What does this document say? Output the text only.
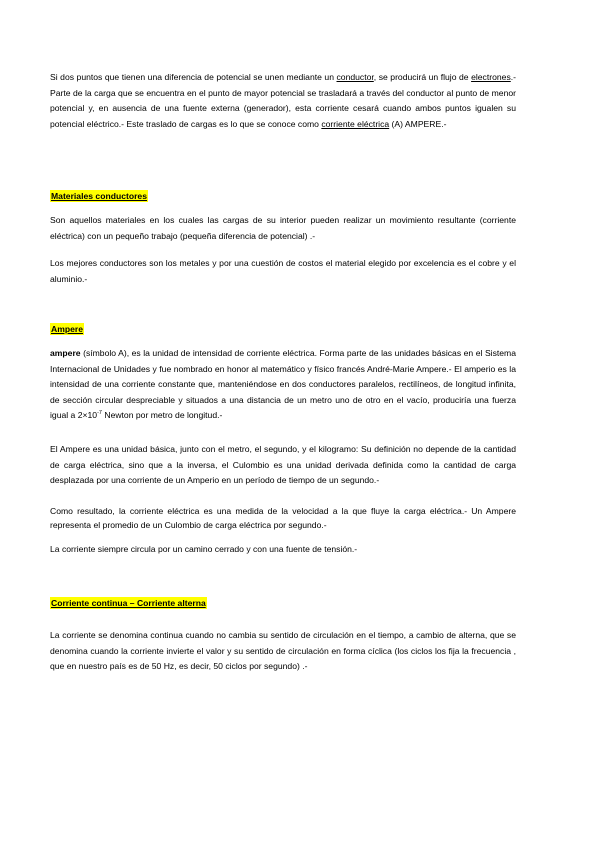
Si dos puntos que tienen una diferencia de potencial se unen mediante un conductor, se producirá un flujo de electrones.- Parte de la carga que se encuentra en el punto de mayor potencial se trasladará a través del conductor al punto de menor potencial y, en ausencia de una fuente externa (generador), esta corriente cesará cuando ambos puntos igualen su potencial eléctrico.- Este traslado de cargas es lo que se conoce como corriente eléctrica (A) AMPERE.-

Materiales conductores

Son aquellos materiales en los cuales las cargas de su interior pueden realizar un movimiento resultante (corriente eléctrica) con un pequeño trabajo (pequeña diferencia de potencial) .-

Los mejores conductores son los metales y por una cuestión de costos el material elegido por excelencia es el cobre y el aluminio.-

Ampere

ampere (símbolo A), es la unidad de intensidad de corriente eléctrica. Forma parte de las unidades básicas en el Sistema Internacional de Unidades y fue nombrado en honor al matemático y físico francés André-Marie Ampere.- El amperio es la intensidad de una corriente constante que, manteniéndose en dos conductores paralelos, rectilíneos, de longitud infinita, de sección circular despreciable y situados a una distancia de un metro uno de otro en el vacío, produciría una fuerza igual a $2\times 10^{-7}$ Newton por metro de longitud.-

El Ampere es una unidad básica, junto con el metro, el segundo, y el kilogramo: Su definición no depende de la cantidad de carga eléctrica, sino que a la inversa, el Culombio es una unidad derivada definida como la cantidad de carga desplazada por una corriente de un Amperio en un período de tiempo de un segundo.-

Como resultado, la corriente eléctrica es una medida de la velocidad a la que fluye la carga eléctrica.- Un Ampere representa el promedio de un Culombio de carga eléctrica por segundo.-

La corriente siempre circula por un camino cerrado y con una fuente de tensión.-

Corriente continua – Corriente alterna

La corriente se denomina continua cuando no cambia su sentido de circulación en el tiempo, a cambio de alterna, que se denomina cuando la corriente invierte el valor y su sentido de circulación en forma cíclica (los ciclos los fija la frecuencia , que en nuestro país es de 50 Hz, es decir, 50 ciclos por segundo) .-
